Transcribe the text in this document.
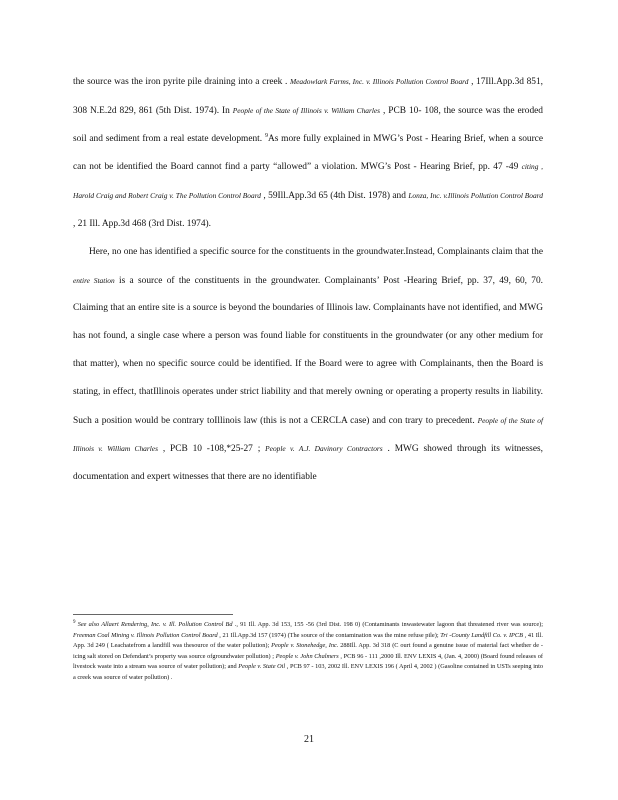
the source was the iron pyrite pile draining into a creek . Meadowlark Farms, Inc. v. Illinois Pollution Control Board , 17Ill.App.3d 851, 308 N.E.2d 829, 861 (5th Dist. 1974). In People of the State of Illinois v. William Charles , PCB 10- 108, the source was the eroded soil and sediment from a real estate development. $^9$As more fully explained in MWG’s Post - Hearing Brief, when a source can not be identified the Board cannot find a party “allowed” a violation. MWG’s Post - Hearing Brief, pp. 47 -49 citing , Harold Craig and Robert Craig v. The Pollution Control Board , 59Ill.App.3d 65 (4th Dist. 1978) and Lonza, Inc. v.Illinois Pollution Control Board , 21 Ill. App.3d 468 (3rd Dist. 1974).

Here, no one has identified a specific source for the constituents in the groundwater.Instead, Complainants claim that the entire Station is a source of the constituents in the groundwater. Complainants’ Post -Hearing Brief, pp. 37, 49, 60, 70. Claiming that an entire site is a source is beyond the boundaries of Illinois law. Complainants have not identified, and MWG has not found, a single case where a person was found liable for constituents in the groundwater (or any other medium for that matter), when no specific source could be identified. If the Board were to agree with Complainants, then the Board is stating, in effect, thatIllinois operates under strict liability and that merely owning or operating a property results in liability. Such a position would be contrary toIllinois law (this is not a CERCLA case) and con trary to precedent. People of the State of Illinois v. William Charles , PCB 10 -108,*25-27 ; People v. A.J. Davinory Contractors . MWG showed through its witnesses, documentation and expert witnesses that there are no identifiable

$^9$ See also Allaert Rendering, Inc. v. Ill. Pollution Control Bd ., 91 Ill. App. 3d 153, 155 -56 (3rd Dist. 198 0) (Contaminants inwastewater lagoon that threatened river was source); Freeman Coal Mining v. Illinois Pollution Control Board , 21 Ill.App.3d 157 (1974) (The source of the contamination was the mine refuse pile); Tri -County Landfill Co. v. IPCB , 41 Ill. App. 3d 249 ( Leachatefrom a landfill was thesource of the water pollution); People v. Stonehedge, Inc. 288Ill. App. 3d 318 (C ourt found a genuine issue of material fact whether de -icing salt stored on Defendant’s property was source ofgroundwater pollution) ; People v. John Chalmers , PCB 96 - 111 ,2000 Ill. ENV LEXIS 4, (Jan. 4, 2000) (Board found releases of livestock waste into a stream was source of water pollution); and People v. State Oil , PCB 97 - 103, 2002 Ill. ENV LEXIS 196 ( April 4, 2002 ) (Gasoline contained in USTs seeping into a creek was source of water pollution) .
21
